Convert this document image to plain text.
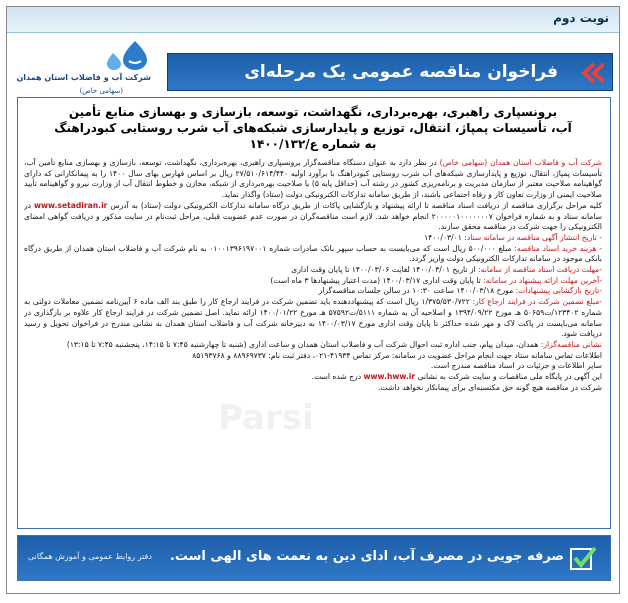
نوبت دوم
شرکت آب و فاضلاب استان همدان
(سهامی خاص)
فراخوان مناقصه عمومی یک مرحله‌ای
برونسپاری راهبری، بهره‌برداری، نگهداشت، توسعه، بازسازی و بهسازی منابع تأمین
آب، تأسیسات پمپاژ، انتقال، توزیع و پایدارسازی شبکه‌های آب شرب روستایی کبودراهنگ
به شماره ع/۱۴۰۰/۱۳۲
Parsi

شرکت آب و فاضلاب استان همدان (سهامی خاص) در نظر دارد به عنوان دستگاه مناقصه‌گزار برونسپاری راهبری، بهره‌برداری، نگهداشت، توسعه، بازسازی و بهسازی منابع تأمین آب، تأسیسات پمپاژ، انتقال، توزیع و پایدارسازی شبکه‌های آب شرب روستایی کبودراهنگ با برآورد اولیه ۲۷/۵۱۰/۶۱۴/۴۴۰ ریال بر اساس فهارس بهای سال ۱۴۰۰ را به پیمانکارانی که دارای گواهینامه صلاحیت معتبر از سازمان مدیریت و برنامه‌ریزی کشور در رشته آب (حداقل پایه ۵) یا صلاحیت بهره‌برداری از شبکه، مخازن و خطوط انتقال آب از وزارت نیرو و گواهینامه تأیید صلاحیت ایمنی از وزارت تعاون کار و رفاه اجتماعی باشند، از طریق سامانه تدارکات الکترونیکی دولت (ستاد) واگذار نماید.

کلیه مراحل برگزاری مناقصه از دریافت اسناد مناقصه تا ارائه پیشنهاد و بازگشایی پاکات از طریق درگاه سامانه تدارکات الکترونیکی دولت (ستاد) به آدرس www.setadiran.ir در سامانه ستاد و به شماره فراخوان ۲۰۰۰۰۰۱۰۰۰۰۰۰۰۷ انجام خواهد شد. لازم است مناقصه‌گران در صورت عدم عضویت قبلی، مراحل ثبت‌نام در سایت مذکور و دریافت گواهی امضای الکترونیکی را جهت شرکت در مناقصه محقق سازند.

- تاریخ انتشار آگهی مناقصه در سامانه ستاد: ۱۴۰۰/۰۳/۰۱

- هزینه خرید اسناد مناقصه: مبلغ ۵۰۰/۰۰۰ ریال است که می‌بایست به حساب سپهر بانک صادرات شماره ۰۱۰۰۱۳۹۶۱۹۷۰۰۱ به نام شرکت آب و فاضلاب استان همدان از طریق درگاه بانکی موجود در سامانه تدارکات الکترونیکی دولت واریز گردد.

-مهلت دریافت اسناد مناقصه از سامانه: از تاریخ ۱۴۰۰/۰۳/۰۱ لغایت ۱۴۰۰/۰۳/۰۶ تا پایان وقت اداری

-آخرین مهلت ارائه پیشنهاد در سامانه: تا پایان وقت اداری ۱۴۰۰/۰۳/۱۷ (مدت اعتبار پیشنهادها ۳ ماه است)

-تاریخ بازگشایی پیشنهادات: مورخ ۱۴۰۰/۰۳/۱۸ ساعت ۱۰:۳۰ در سالن جلسات مناقصه‌گزار

-مبلغ تضمین شرکت در فرایند ارجاع کار: ۱/۳۷۵/۵۳۰/۷۲۲ ریال است که پیشنهاددهنده باید تضمین شرکت در فرایند ارجاع کار را طبق بند الف ماده ۶ آیین‌نامه تضمین معاملات دولتی به شماره ۱۲۳۴۰۲/ت۵۰۶۵۹ هـ مورخ ۱۳۹۴/۰۹/۲۲ و اصلاحیه آن به شماره ۵۱۱۱/ت۵۷۵۹۲ هـ مورخ ۱۴۰۰/۰۱/۲۲ ارائه نماید. اصل تضمین شرکت در فرایند ارجاع کار علاوه بر بارگذاری در سامانه می‌بایست در پاکت لاک و مهر شده حداکثر تا پایان وقت اداری مورخ ۱۴۰۰/۰۳/۱۷ به دبیرخانه شرکت آب و فاضلاب استان همدان به نشانی مندرج در فراخوان تحویل و رسید دریافت شود.

نشانی مناقصه‌گزار: همدان، میدان پیام، جنب اداره ثبت احوال شرکت آب و فاضلاب استان همدان و ساعت اداری (شنبه تا چهارشنبه ۷:۴۵ تا ۱۴:۱۵، پنجشنبه ۷:۴۵ تا ۱۳:۱۵)

اطلاعات تماس سامانه ستاد جهت انجام مراحل عضویت در سامانه: مرکز تماس ۴۱۹۳۴-۰۲۱، دفتر ثبت نام: ۸۸۹۶۹۷۳۷ و ۸۵۱۹۳۷۶۸

سایر اطلاعات و جزئیات در اسناد مناقصه مندرج است.

این آگهی در پایگاه ملی مناقصات و سایت شرکت به نشانی www.hww.ir درج شده است.

شرکت در مناقصه هیچ گونه حق مکتسبه‌ای برای پیمانکار نخواهد داشت.

صرفه جویی در مصرف آب، ادای دین به نعمت های الهی است.
دفتر روابط عمومی و آموزش همگانی
